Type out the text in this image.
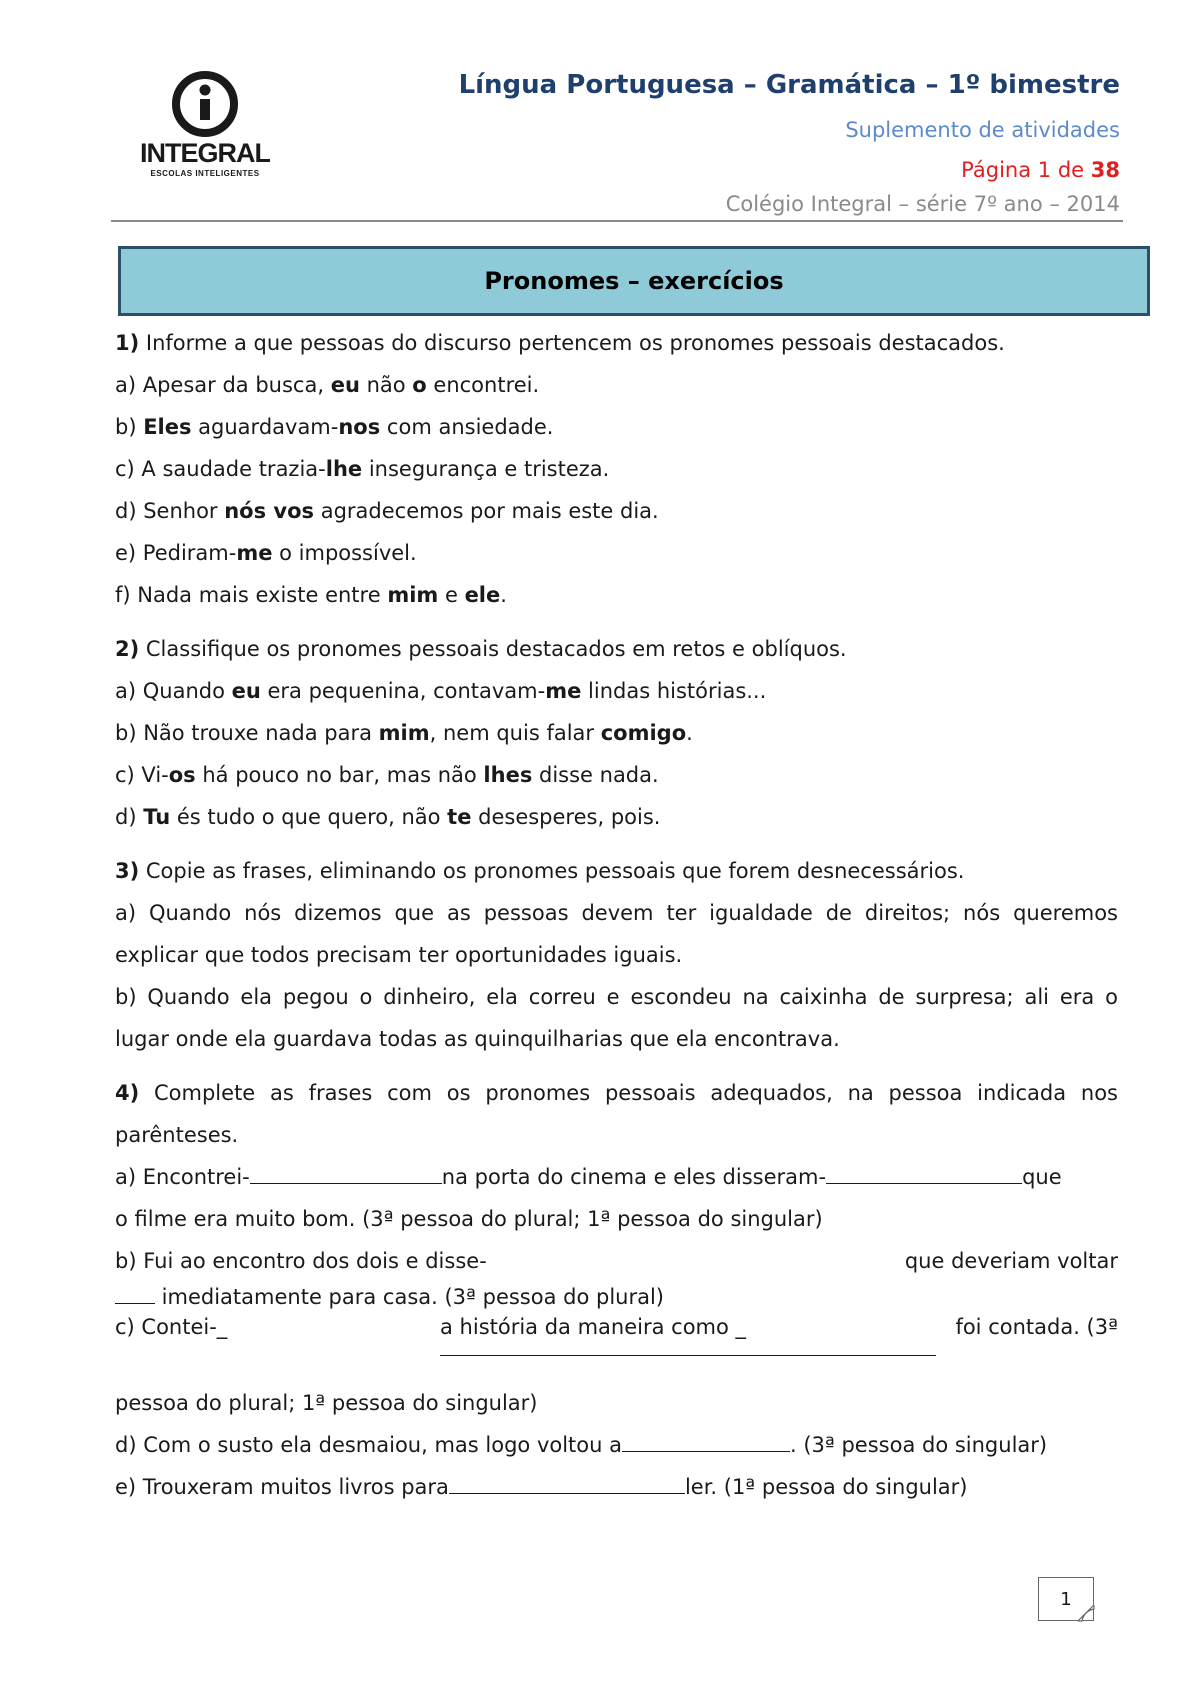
INTEGRAL
ESCOLAS INTELIGENTES
Língua Portuguesa – Gramática – 1º bimestre
Suplemento de atividades
Página 1 de 38
Colégio Integral – série 7º ano – 2014
Pronomes – exercícios
1) Informe a que pessoas do discurso pertencem os pronomes pessoais destacados.
a) Apesar da busca, eu não o encontrei.
b) Eles aguardavam-nos com ansiedade.
c) A saudade trazia-lhe insegurança e tristeza.
d) Senhor nós vos agradecemos por mais este dia.
e) Pediram-me o impossível.
f) Nada mais existe entre mim e ele.
2) Classifique os pronomes pessoais destacados em retos e oblíquos.
a) Quando eu era pequenina, contavam-me lindas histórias...
b) Não trouxe nada para mim, nem quis falar comigo.
c) Vi-os há pouco no bar, mas não lhes disse nada.
d) Tu és tudo o que quero, não te desesperes, pois.
3) Copie as frases, eliminando os pronomes pessoais que forem desnecessários.
a) Quando nós dizemos que as pessoas devem ter igualdade de direitos; nós queremos
explicar que todos precisam ter oportunidades iguais.
b) Quando ela pegou o dinheiro, ela correu e escondeu na caixinha de surpresa; ali era o
lugar onde ela guardava todas as quinquilharias que ela encontrava.
4) Complete as frases com os pronomes pessoais adequados, na pessoa indicada nos
parênteses.
a) Encontrei-	na porta do cinema e eles disseram-	que
o filme era muito bom. (3ª pessoa do plural; 1ª pessoa do singular)
b) Fui ao encontro dos dois e disse-	que deveriam voltar
imediatamente para casa. (3ª pessoa do plural)
c) Contei-_	a história da maneira como _	foi contada. (3ª
pessoa do plural; 1ª pessoa do singular)
d) Com o susto ela desmaiou, mas logo voltou a	. (3ª pessoa do singular)
e) Trouxeram muitos livros para	ler. (1ª pessoa do singular)
1
